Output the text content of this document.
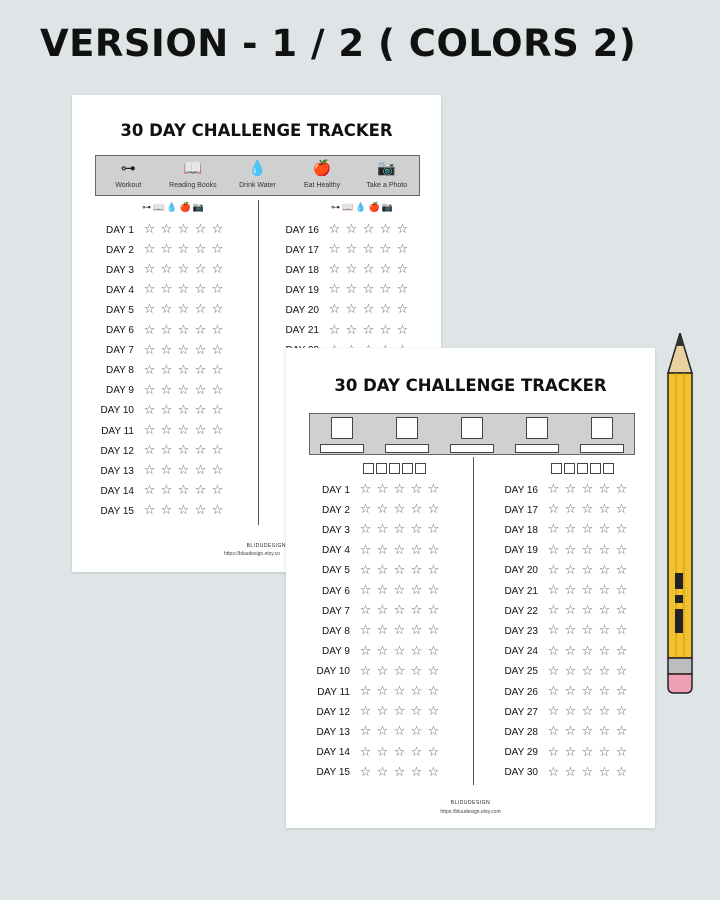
VERSION - 1 / 2 ( COLORS 2)
30 DAY CHALLENGE TRACKER
⊶
Workout
📖
Reading Books
💧
Drink Water
🍎
Eat Healthy
📷
Take a Photo
⊶ 📖 💧 🍎 📷	⊶ 📖 💧 🍎 📷
DAY 1 ☆ ☆ ☆ ☆ ☆
DAY 2 ☆ ☆ ☆ ☆ ☆
DAY 3 ☆ ☆ ☆ ☆ ☆
DAY 4 ☆ ☆ ☆ ☆ ☆
DAY 5 ☆ ☆ ☆ ☆ ☆
DAY 6 ☆ ☆ ☆ ☆ ☆
DAY 7 ☆ ☆ ☆ ☆ ☆
DAY 8 ☆ ☆ ☆ ☆ ☆
DAY 9 ☆ ☆ ☆ ☆ ☆
DAY 10 ☆ ☆ ☆ ☆ ☆
DAY 11 ☆ ☆ ☆ ☆ ☆
DAY 12 ☆ ☆ ☆ ☆ ☆
DAY 13 ☆ ☆ ☆ ☆ ☆
DAY 14 ☆ ☆ ☆ ☆ ☆
DAY 15 ☆ ☆ ☆ ☆ ☆
DAY 16 ☆ ☆ ☆ ☆ ☆
DAY 17 ☆ ☆ ☆ ☆ ☆
DAY 18 ☆ ☆ ☆ ☆ ☆
DAY 19 ☆ ☆ ☆ ☆ ☆
DAY 20 ☆ ☆ ☆ ☆ ☆
DAY 21 ☆ ☆ ☆ ☆ ☆
BLIDUDESIGN
https://bluudesign.etsy.co
30 DAY CHALLENGE TRACKER
DAY 1 ☆ ☆ ☆ ☆ ☆
DAY 2 ☆ ☆ ☆ ☆ ☆
DAY 3 ☆ ☆ ☆ ☆ ☆
DAY 4 ☆ ☆ ☆ ☆ ☆
DAY 5 ☆ ☆ ☆ ☆ ☆
DAY 6 ☆ ☆ ☆ ☆ ☆
DAY 7 ☆ ☆ ☆ ☆ ☆
DAY 8 ☆ ☆ ☆ ☆ ☆
DAY 9 ☆ ☆ ☆ ☆ ☆
DAY 10 ☆ ☆ ☆ ☆ ☆
DAY 11 ☆ ☆ ☆ ☆ ☆
DAY 12 ☆ ☆ ☆ ☆ ☆
DAY 13 ☆ ☆ ☆ ☆ ☆
DAY 14 ☆ ☆ ☆ ☆ ☆
DAY 15 ☆ ☆ ☆ ☆ ☆
DAY 16 ☆ ☆ ☆ ☆ ☆
DAY 17 ☆ ☆ ☆ ☆ ☆
DAY 18 ☆ ☆ ☆ ☆ ☆
DAY 19 ☆ ☆ ☆ ☆ ☆
DAY 20 ☆ ☆ ☆ ☆ ☆
DAY 21 ☆ ☆ ☆ ☆ ☆
DAY 22 ☆ ☆ ☆ ☆ ☆
DAY 23 ☆ ☆ ☆ ☆ ☆
DAY 24 ☆ ☆ ☆ ☆ ☆
DAY 25 ☆ ☆ ☆ ☆ ☆
DAY 26 ☆ ☆ ☆ ☆ ☆
DAY 27 ☆ ☆ ☆ ☆ ☆
DAY 28 ☆ ☆ ☆ ☆ ☆
DAY 29 ☆ ☆ ☆ ☆ ☆
DAY 30 ☆ ☆ ☆ ☆ ☆
BLIDUDESIGN
https://bluudesign.etsy.com
